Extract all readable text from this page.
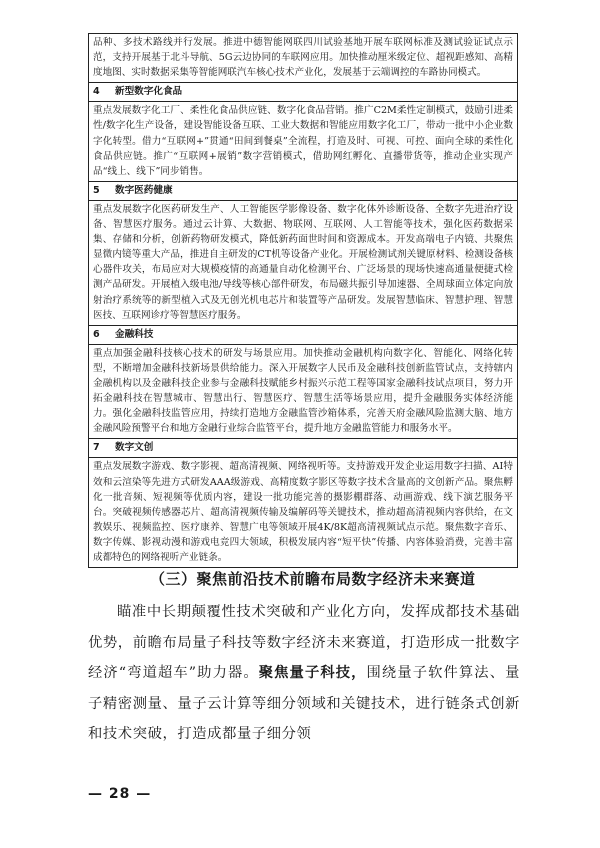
品种、多技术路线并行发展。推进中德智能网联四川试验基地开展车联网标准及测试验证试点示范，支持开展基于北斗导航、5G云边协同的车联网应用。加快推动厘米级定位、超视距感知、高精度地图、实时数据采集等智能网联汽车核心技术产业化，发展基于云端调控的车路协同模式。
4 新型数字化食品
重点发展数字化工厂、柔性化食品供应链、数字化食品营销。推广C2M柔性定制模式，鼓励引进柔性/数字化生产设备，建设智能设备互联、工业大数据和智能应用数字化工厂，带动一批中小企业数字化转型。借力“互联网+”贯通“田间到餐桌”全流程，打造及时、可视、可控、面向全球的柔性化食品供应链。推广“互联网+展销”数字营销模式，借助网红孵化、直播带货等，推动企业实现产品“线上、线下”同步销售。
5 数字医药健康
重点发展数字化医药研发生产、人工智能医学影像设备、数字化体外诊断设备、全数字先进治疗设备、智慧医疗服务。通过云计算、大数据、物联网、互联网、人工智能等技术，强化医药数据采集、存储和分析，创新药物研发模式，降低新药面世时间和资源成本。开发高端电子内镜、共聚焦显微内镜等重大产品，推进自主研发的CT机等设备产业化。开展检测试剂关键原材料、检测设备核心器件攻关，布局应对大规模疫情的高通量自动化检测平台、广泛场景的现场快速高通量便捷式检测产品研发。开展植入级电池/导线等核心部件研发，布局磁共振引导加速器、全周球面立体定向放射治疗系统等的新型植入式及无创光机电芯片和装置等产品研发。发展智慧临床、智慧护理、智慧医技、互联网诊疗等智慧医疗服务。
6 金融科技
重点加强金融科技核心技术的研发与场景应用。加快推动金融机构向数字化、智能化、网络化转型，不断增加金融科技新场景供给能力。深入开展数字人民币及金融科技创新监管试点，支持辖内金融机构以及金融科技企业参与金融科技赋能乡村振兴示范工程等国家金融科技试点项目，努力开拓金融科技在智慧城市、智慧出行、智慧医疗、智慧生活等场景应用，提升金融服务实体经济能力。强化金融科技监管应用，持续打造地方金融监管沙箱体系，完善天府金融风险监测大脑、地方金融风险预警平台和地方金融行业综合监管平台，提升地方金融监管能力和服务水平。
7 数字文创
重点发展数字游戏、数字影视、超高清视频、网络视听等。支持游戏开发企业运用数字扫描、AI特效和云渲染等先进方式研发AAA级游戏、高精度数字影区等数字技术含量高的文创新产品。聚焦孵化一批音频、短视频等优质内容，建设一批功能完善的摄影棚群落、动画游戏、线下演艺服务平台。突破视频传感器芯片、超高清视频传输及编解码等关键技术，推动超高清视频内容供给，在文教娱乐、视频监控、医疗康养、智慧广电等领域开展4K/8K超高清视频试点示范。聚焦数字音乐、数字传媒、影视动漫和游戏电竞四大领域，积极发展内容“短平快”传播、内容体验消费，完善丰富成都特色的网络视听产业链条。
（三）聚焦前沿技术前瞻布局数字经济未来赛道
瞄准中长期颠覆性技术突破和产业化方向，发挥成都技术基础优势，前瞻布局量子科技等数字经济未来赛道，打造形成一批数字经济“弯道超车”助力器。聚焦量子科技，围绕量子软件算法、量子精密测量、量子云计算等细分领域和关键技术，进行链条式创新和技术突破，打造成都量子细分领
— 28 —
